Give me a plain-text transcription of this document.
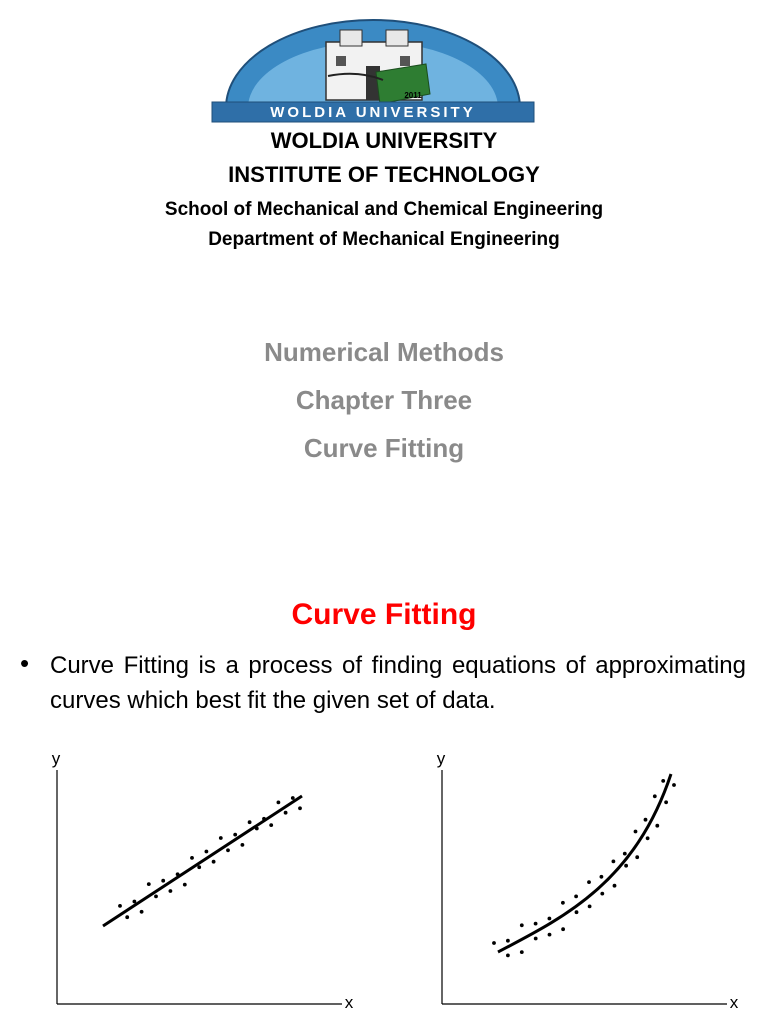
WOLDIA UNIVERSITY
2011
WOLDIA UNIVERSITY
INSTITUTE OF TECHNOLOGY
School of Mechanical and Chemical Engineering
Department of Mechanical Engineering
Numerical Methods
Chapter Three
Curve Fitting
Curve Fitting
• Curve Fitting is a process of finding equations of approximating curves which best fit the given set of data.
y
x
y
x
